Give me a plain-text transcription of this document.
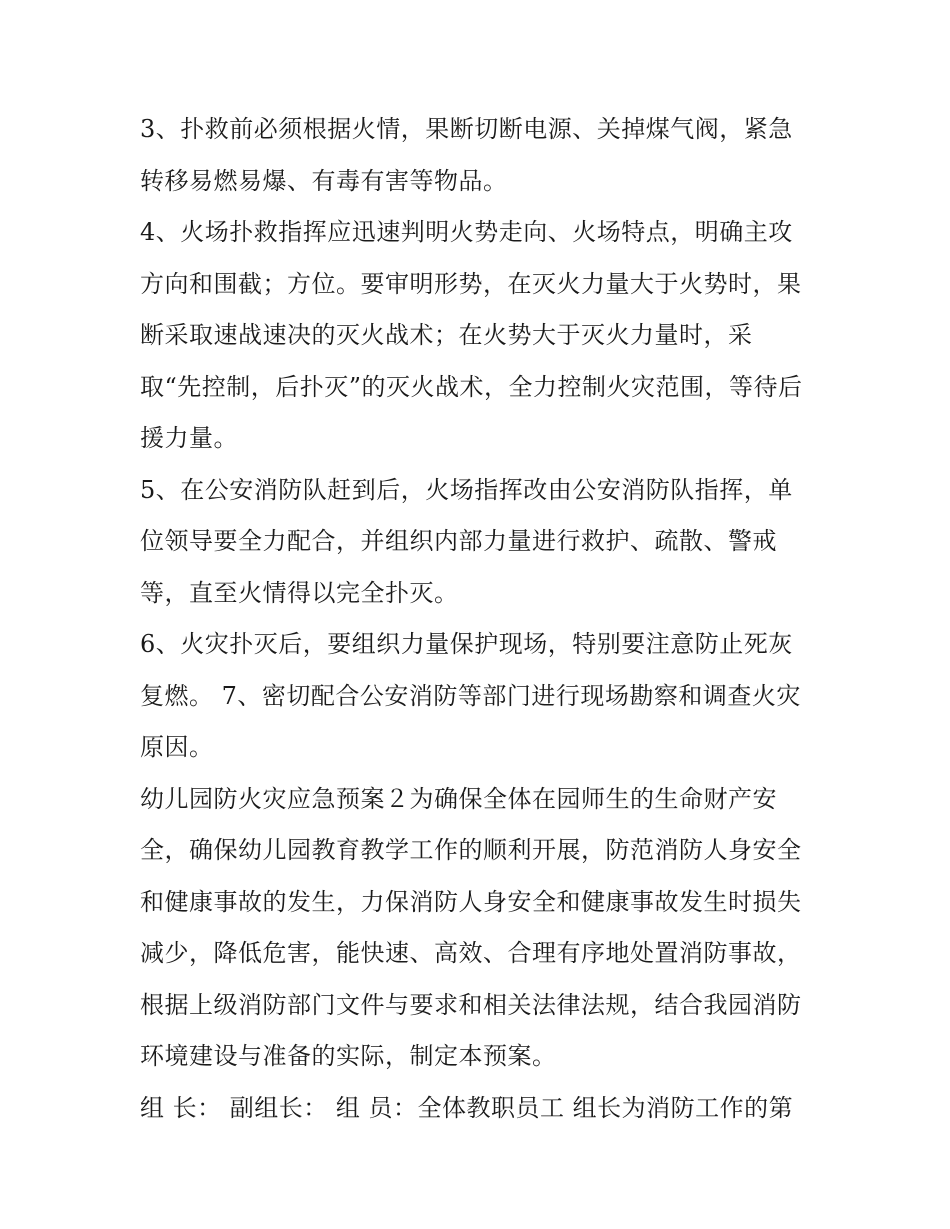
3、扑救前必须根据火情，果断切断电源、关掉煤气阀，紧急
转移易燃易爆、有毒有害等物品。
4、火场扑救指挥应迅速判明火势走向、火场特点，明确主攻
方向和围截；方位。要审明形势，在灭火力量大于火势时，果
断采取速战速决的灭火战术；在火势大于灭火力量时，采
取“先控制，后扑灭”的灭火战术，全力控制火灾范围，等待后
援力量。
5、在公安消防队赶到后，火场指挥改由公安消防队指挥，单
位领导要全力配合，并组织内部力量进行救护、疏散、警戒
等，直至火情得以完全扑灭。
6、火灾扑灭后，要组织力量保护现场，特别要注意防止死灰
复燃。 7、密切配合公安消防等部门进行现场勘察和调查火灾
原因。
幼儿园防火灾应急预案２为确保全体在园师生的生命财产安
全，确保幼儿园教育教学工作的顺利开展，防范消防人身安全
和健康事故的发生，力保消防人身安全和健康事故发生时损失
减少，降低危害，能快速、高效、合理有序地处置消防事故，
根据上级消防部门文件与要求和相关法律法规，结合我园消防
环境建设与准备的实际，制定本预案。
组 长： 副组长： 组 员：全体教职员工 组长为消防工作的第
